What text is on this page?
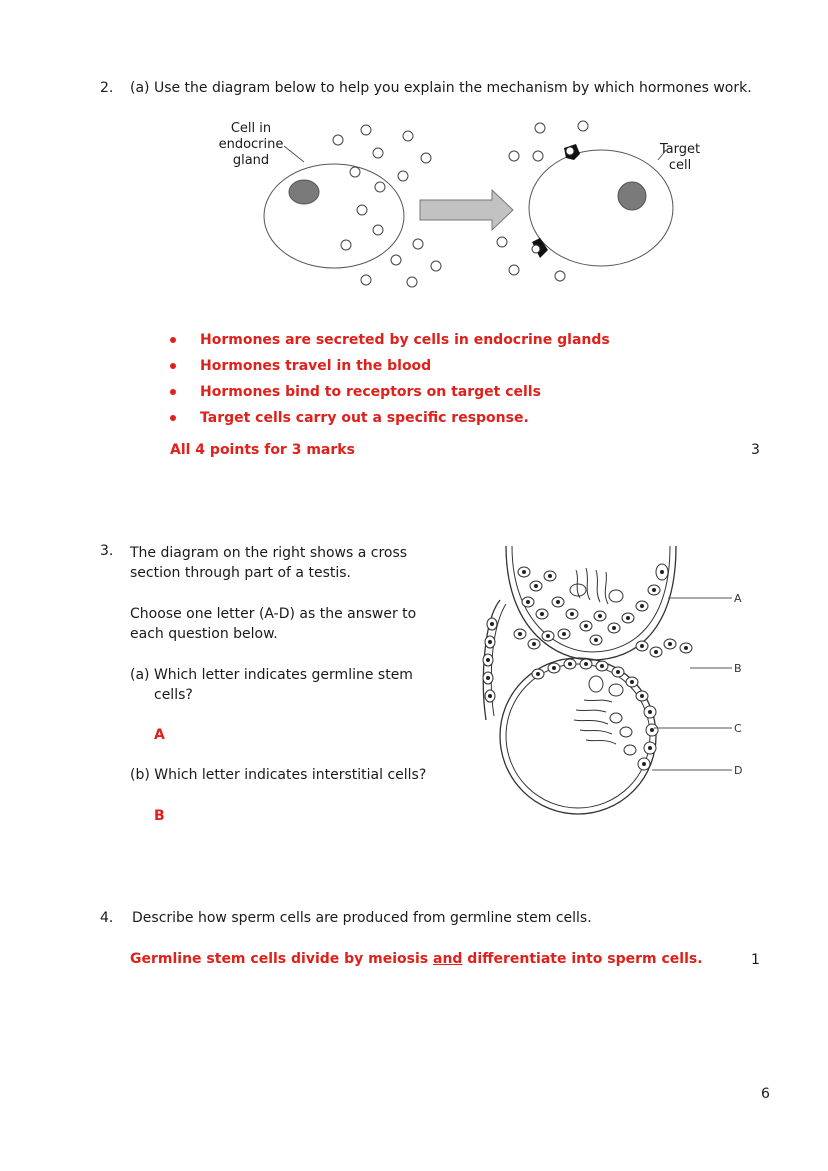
2. (a) Use the diagram below to help you explain the mechanism by which hormones work.
Cell in
endocrine
gland
Target
cell
Hormones are secreted by cells in endocrine glands
Hormones travel in the blood
Hormones bind to receptors on target cells
Target cells carry out a specific response.
All 4 points for 3 marks	3
3. The diagram on the right shows a cross
section through part of a testis.
Choose one letter (A-D) as the answer to
each question below.
(a) Which letter indicates germline stem
cells?
A
(b) Which letter indicates interstitial cells?
B
A
B
C
D
4. Describe how sperm cells are produced from germline stem cells.
Germline stem cells divide by meiosis and differentiate into sperm cells.	1
6
